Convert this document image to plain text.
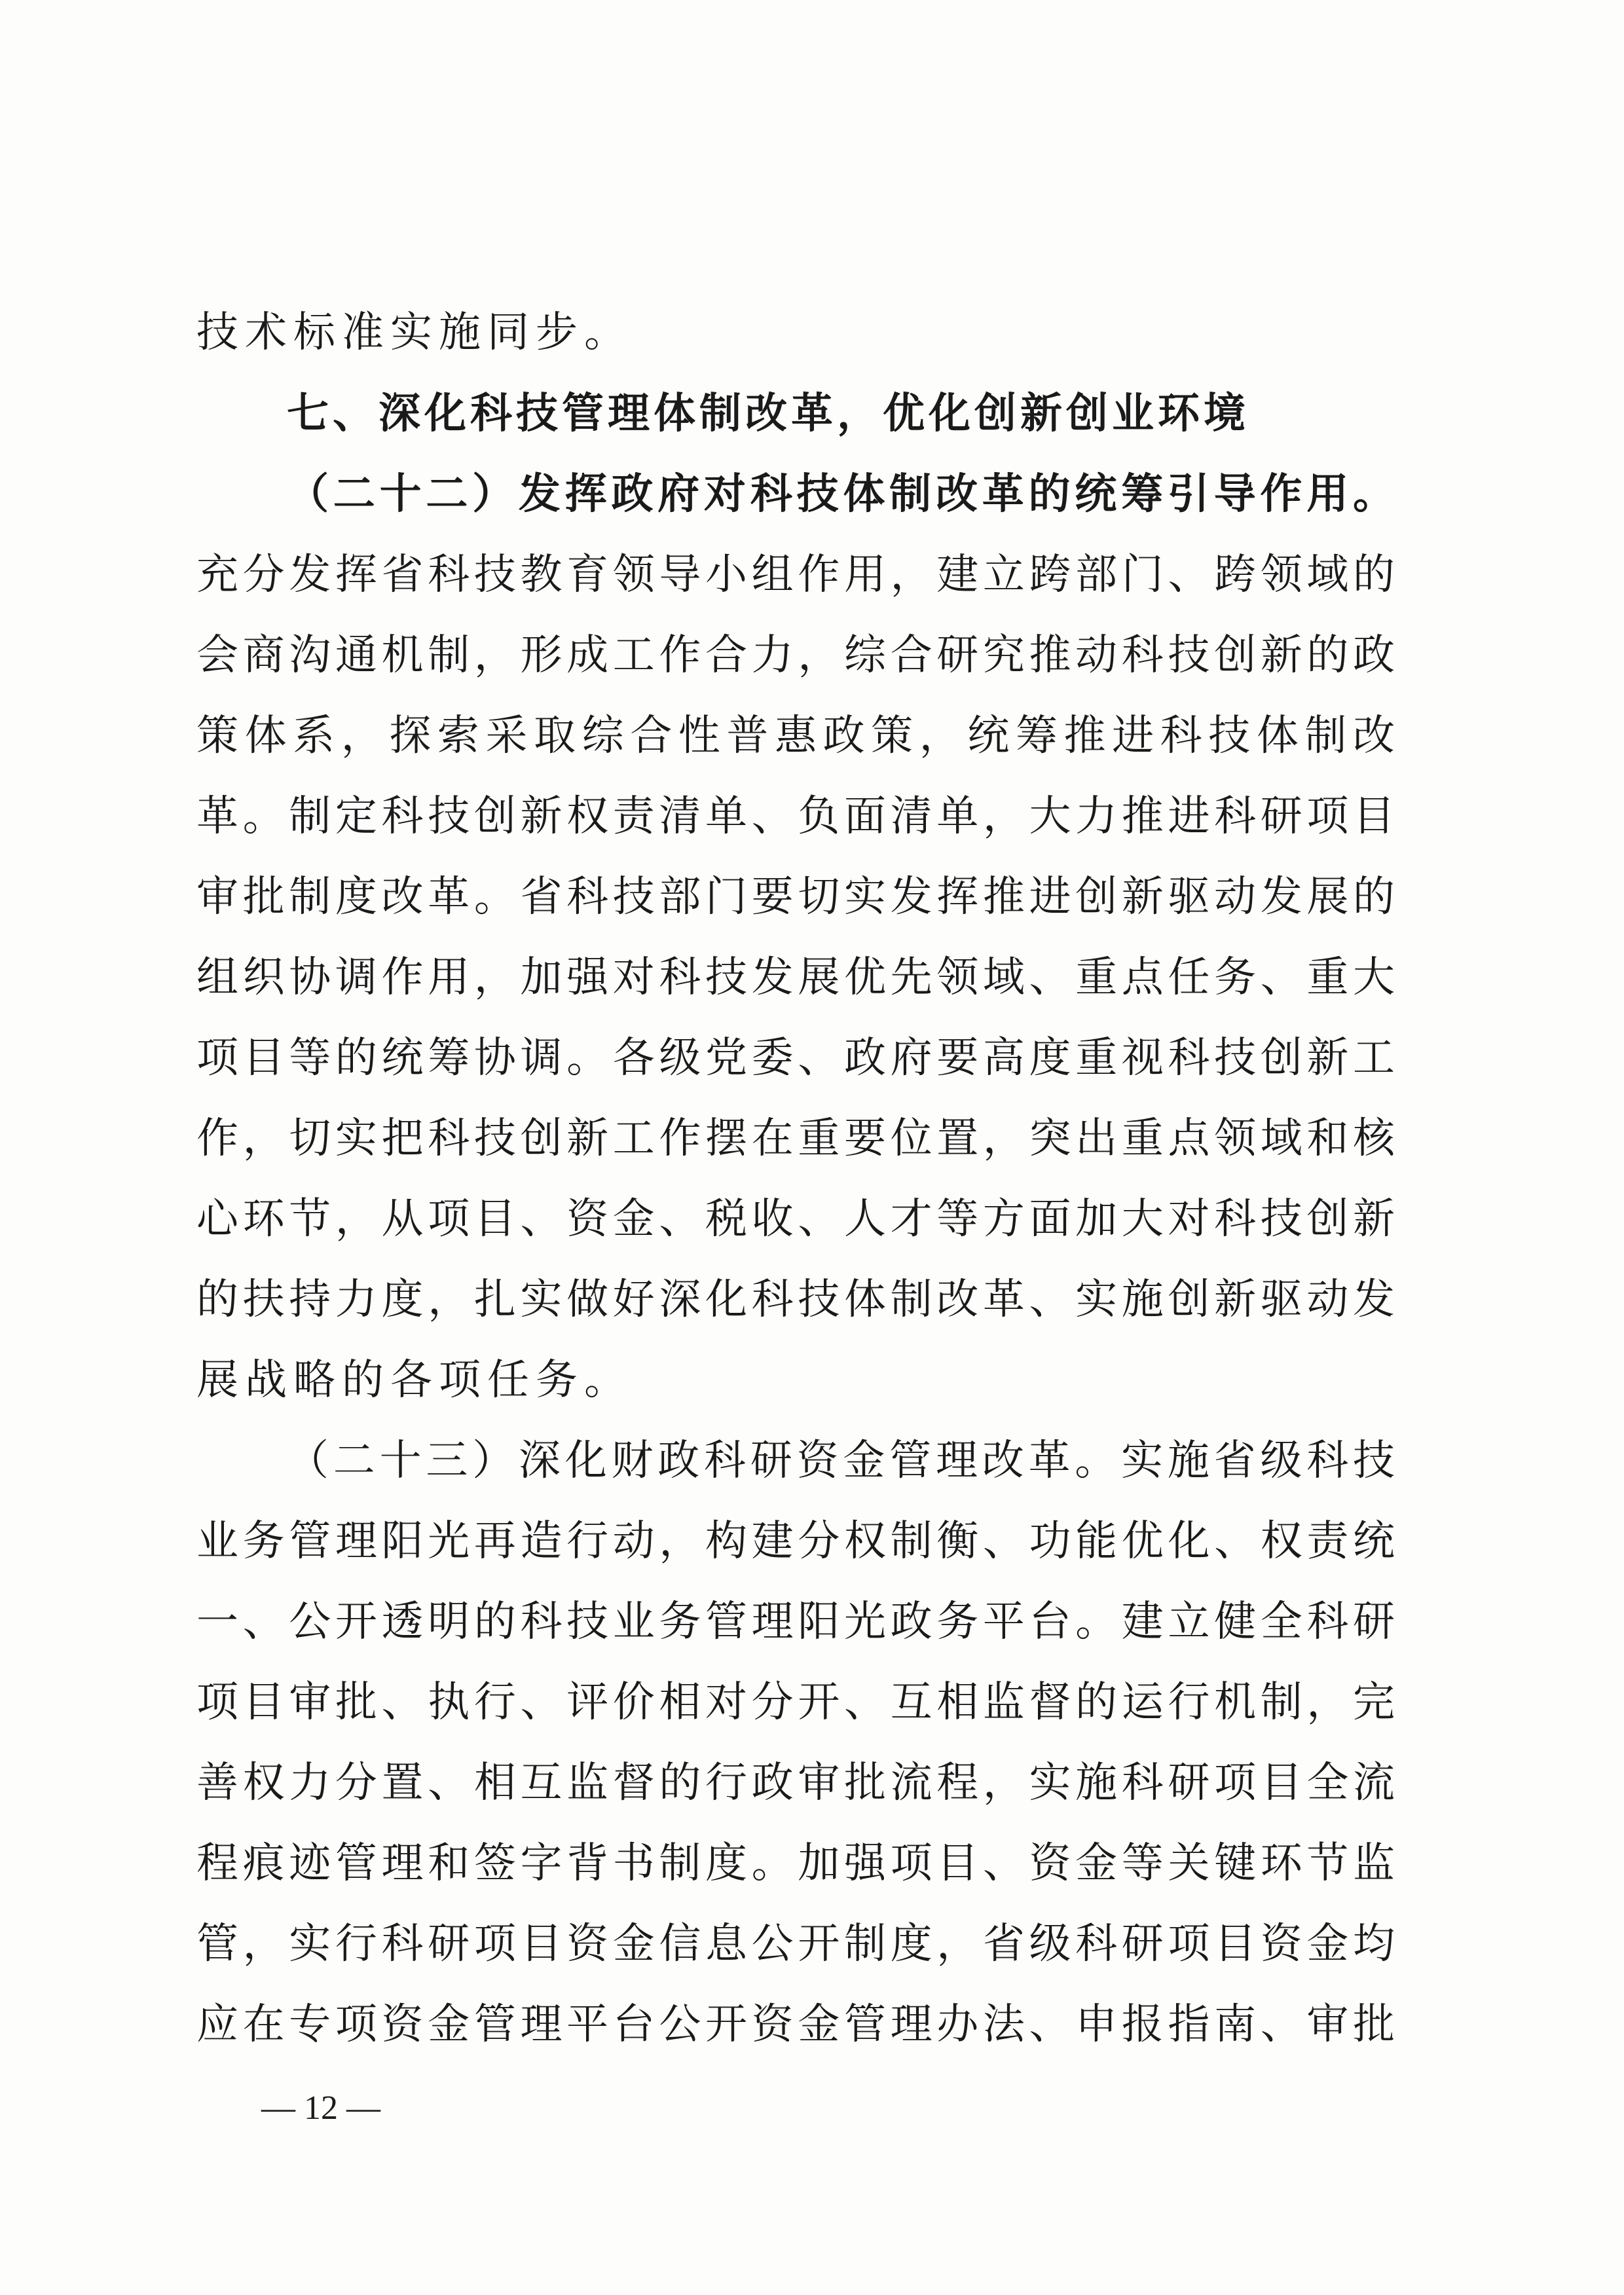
技术标准实施同步。
七、深化科技管理体制改革，优化创新创业环境
（二十二）发挥政府对科技体制改革的统筹引导作用。
充分发挥省科技教育领导小组作用，建立跨部门、跨领域的
会商沟通机制，形成工作合力，综合研究推动科技创新的政
策体系，探索采取综合性普惠政策，统筹推进科技体制改
革。制定科技创新权责清单、负面清单，大力推进科研项目
审批制度改革。省科技部门要切实发挥推进创新驱动发展的
组织协调作用，加强对科技发展优先领域、重点任务、重大
项目等的统筹协调。各级党委、政府要高度重视科技创新工
作，切实把科技创新工作摆在重要位置，突出重点领域和核
心环节，从项目、资金、税收、人才等方面加大对科技创新
的扶持力度，扎实做好深化科技体制改革、实施创新驱动发
展战略的各项任务。
（二十三）深化财政科研资金管理改革。实施省级科技
业务管理阳光再造行动，构建分权制衡、功能优化、权责统
一、公开透明的科技业务管理阳光政务平台。建立健全科研
项目审批、执行、评价相对分开、互相监督的运行机制，完
善权力分置、相互监督的行政审批流程，实施科研项目全流
程痕迹管理和签字背书制度。加强项目、资金等关键环节监
管，实行科研项目资金信息公开制度，省级科研项目资金均
应在专项资金管理平台公开资金管理办法、申报指南、审批
— 12 —
